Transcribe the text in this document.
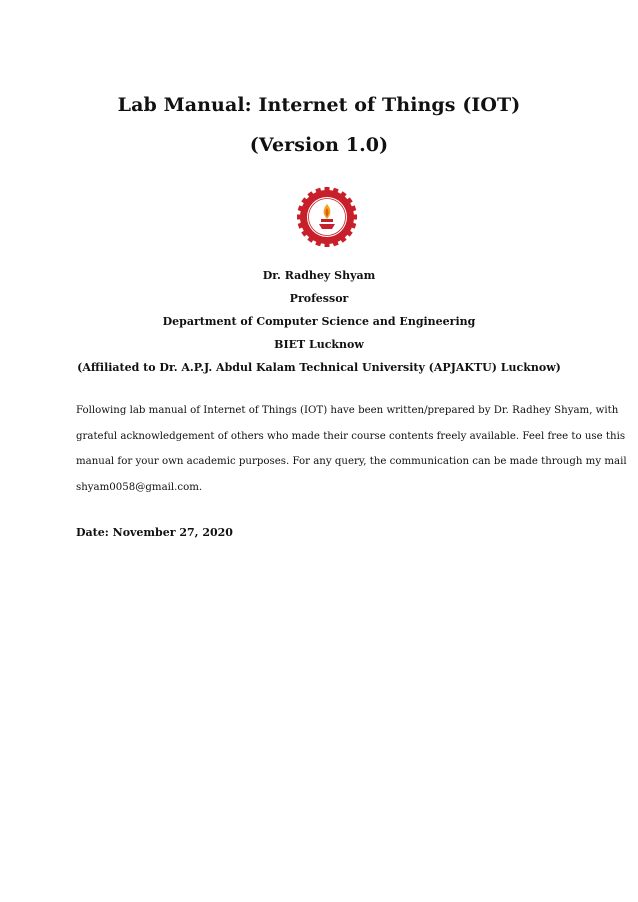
Lab Manual: Internet of Things (IOT)
(Version 1.0)
Dr. Radhey Shyam
Professor
Department of Computer Science and Engineering
BIET Lucknow
(Affiliated to Dr. A.P.J. Abdul Kalam Technical University (APJAKTU) Lucknow)
Following lab manual of Internet of Things (IOT) have been written/prepared by Dr. Radhey Shyam, with
grateful acknowledgement of others who made their course contents freely available. Feel free to use this
manual for your own academic purposes. For any query, the communication can be made through my mail
shyam0058@gmail.com.
Date: November 27, 2020
